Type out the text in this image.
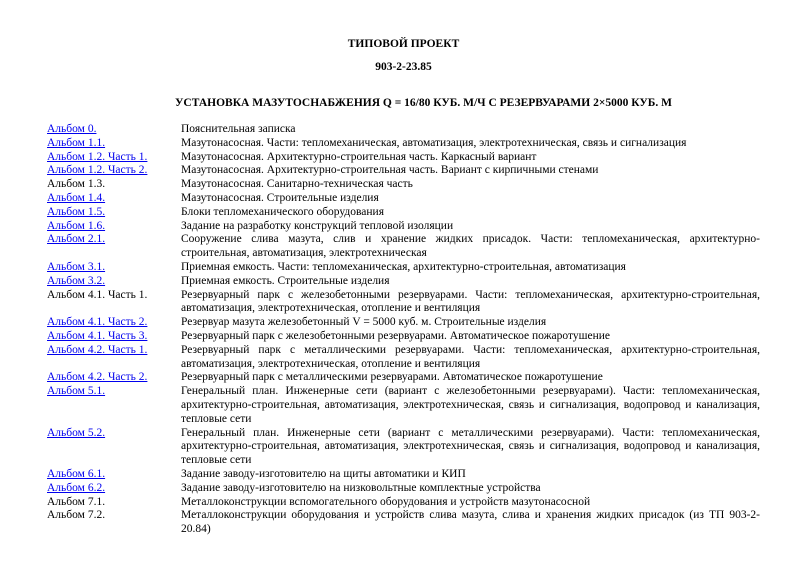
ТИПОВОЙ ПРОЕКТ
903-2-23.85
УСТАНОВКА МАЗУТОСНАБЖЕНИЯ Q = 16/80 КУБ. М/Ч С РЕЗЕРВУАРАМИ 2×5000 КУБ. М
Альбом 0.	Пояснительная записка
Альбом 1.1.	Мазутонасосная. Части: тепломеханическая, автоматизация, электротехническая, связь и сигнализация
Альбом 1.2. Часть 1.	Мазутонасосная. Архитектурно-строительная часть. Каркасный вариант
Альбом 1.2. Часть 2.	Мазутонасосная. Архитектурно-строительная часть. Вариант с кирпичными стенами
Альбом 1.3.	Мазутонасосная. Санитарно-техническая часть
Альбом 1.4.	Мазутонасосная. Строительные изделия
Альбом 1.5.	Блоки тепломеханического оборудования
Альбом 1.6.	Задание на разработку конструкций тепловой изоляции
Альбом 2.1.	Сооружение слива мазута, слив и хранение жидких присадок. Части: тепломеханическая, архитектурно-строительная, автоматизация, электротехническая
Альбом 3.1.	Приемная емкость. Части: тепломеханическая, архитектурно-строительная, автоматизация
Альбом 3.2.	Приемная емкость. Строительные изделия
Альбом 4.1. Часть 1.	Резервуарный парк с железобетонными резервуарами. Части: тепломеханическая, архитектурно-строительная, автоматизация, электротехническая, отопление и вентиляция
Альбом 4.1. Часть 2.	Резервуар мазута железобетонный V = 5000 куб. м. Строительные изделия
Альбом 4.1. Часть 3.	Резервуарный парк с железобетонными резервуарами. Автоматическое пожаротушение
Альбом 4.2. Часть 1.	Резервуарный парк с металлическими резервуарами. Части: тепломеханическая, архитектурно-строительная, автоматизация, электротехническая, отопление и вентиляция
Альбом 4.2. Часть 2.	Резервуарный парк с металлическими резервуарами. Автоматическое пожаротушение
Альбом 5.1.	Генеральный план. Инженерные сети (вариант с железобетонными резервуарами). Части: тепломеханическая, архитектурно-строительная, автоматизация, электротехническая, связь и сигнализация, водопровод и канализация, тепловые сети
Альбом 5.2.	Генеральный план. Инженерные сети (вариант с металлическими резервуарами). Части: тепломеханическая, архитектурно-строительная, автоматизация, электротехническая, связь и сигнализация, водопровод и канализация, тепловые сети
Альбом 6.1.	Задание заводу-изготовителю на щиты автоматики и КИП
Альбом 6.2.	Задание заводу-изготовителю на низковольтные комплектные устройства
Альбом 7.1.	Металлоконструкции вспомогательного оборудования и устройств мазутонасосной
Альбом 7.2.	Металлоконструкции оборудования и устройств слива мазута, слива и хранения жидких присадок (из ТП 903-2-20.84)
